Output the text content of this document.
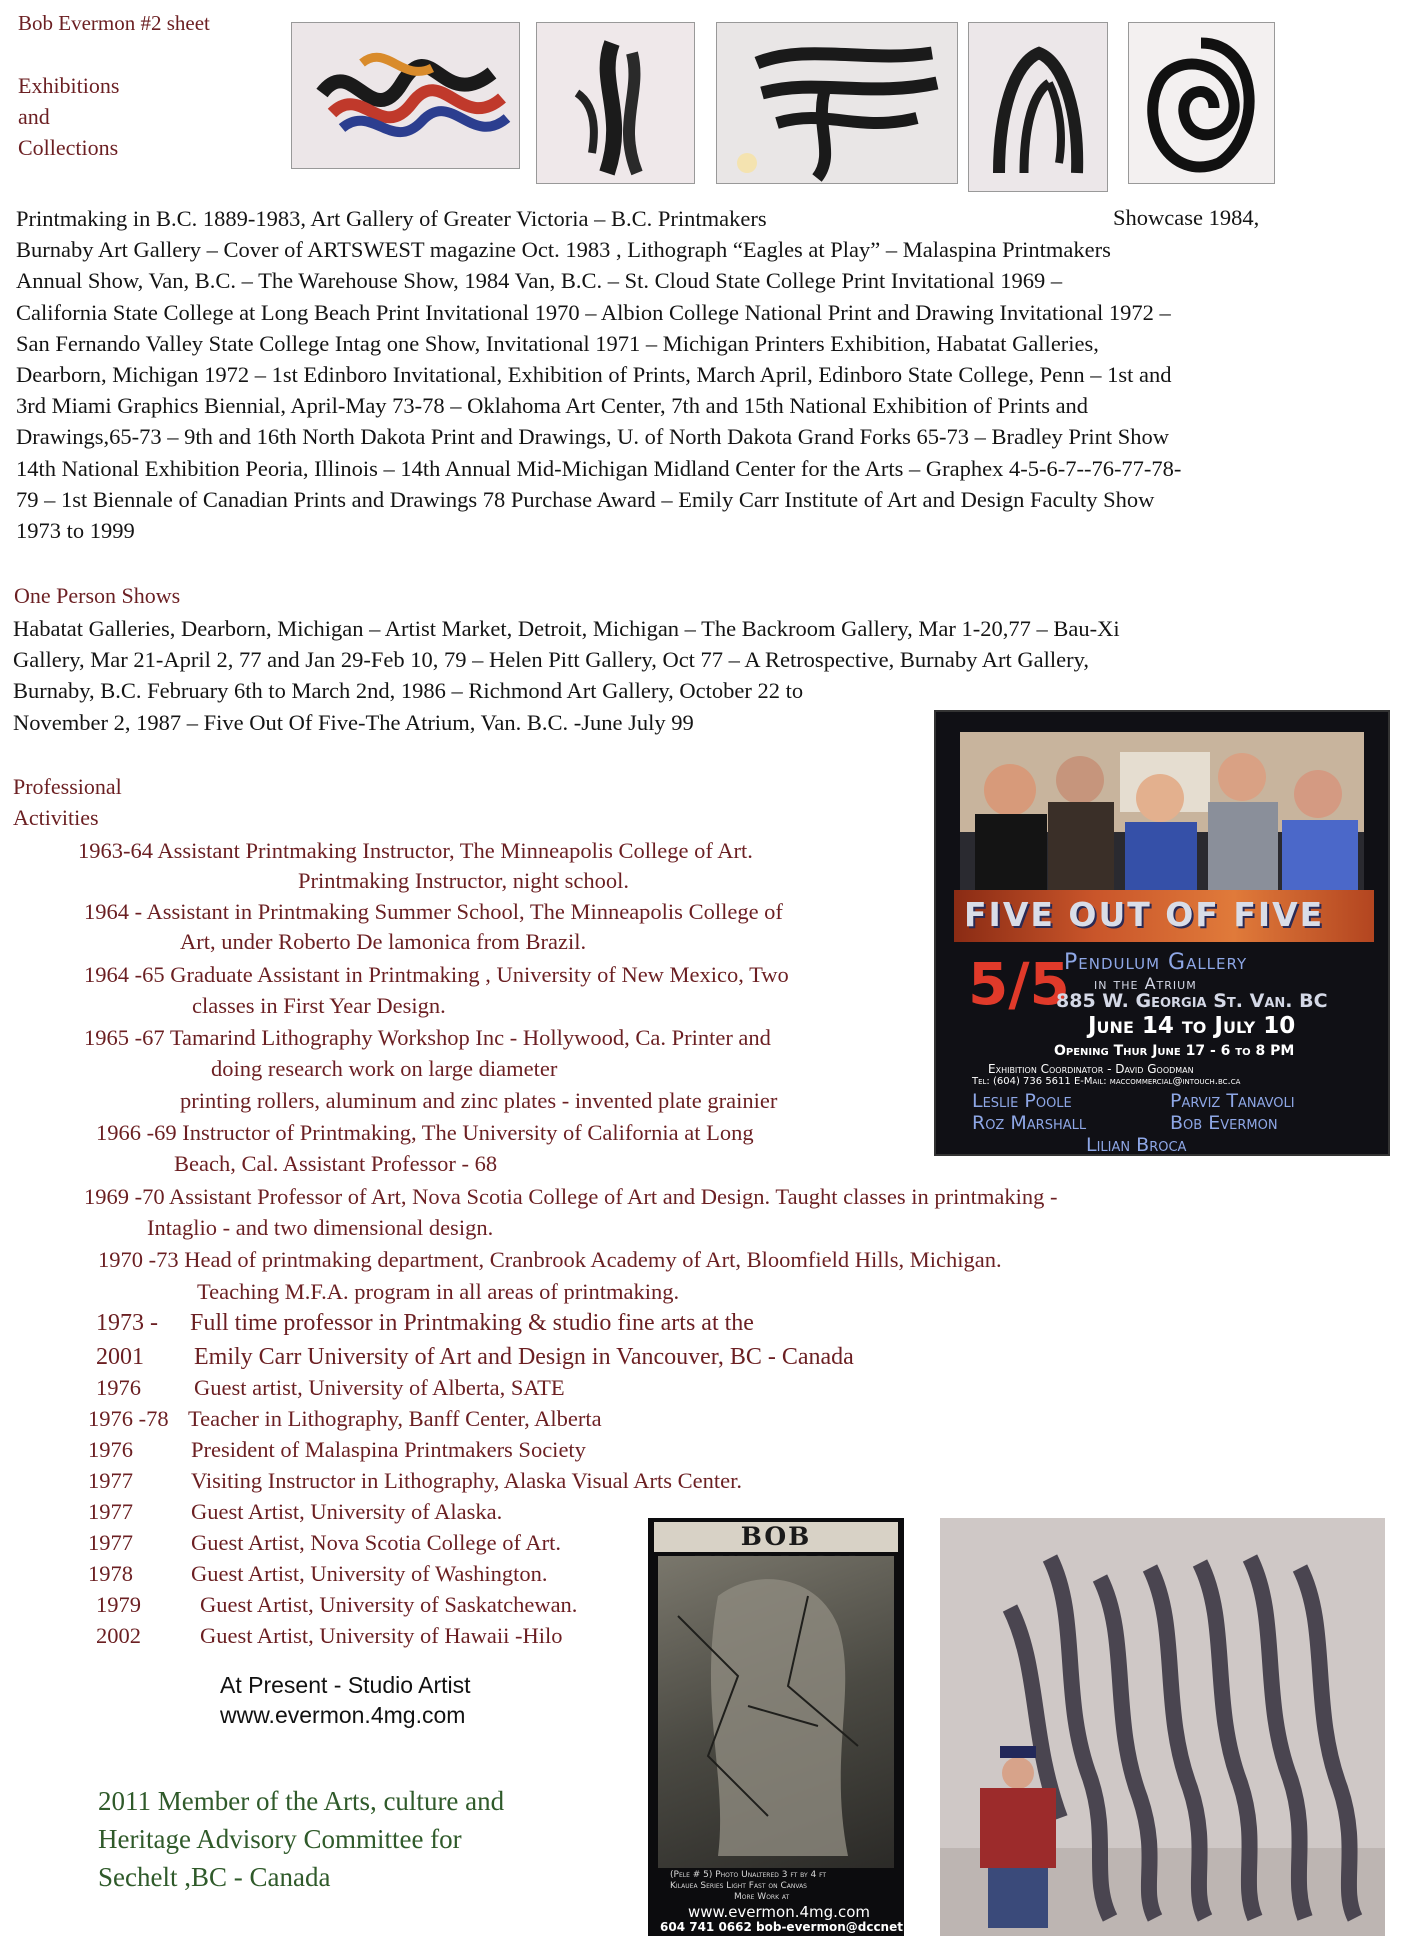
Bob Evermon #2 sheet
Exhibitions
and
Collections
Printmaking in B.C. 1889-1983, Art Gallery of Greater Victoria – B.C. Printmakers
Burnaby Art Gallery – Cover of ARTSWEST magazine Oct. 1983 , Lithograph “Eagles at Play” – Malaspina Printmakers
Annual Show, Van, B.C. – The Warehouse Show, 1984 Van, B.C. – St. Cloud State College Print Invitational 1969 –
California State College at Long Beach Print Invitational 1970 – Albion College National Print and Drawing Invitational 1972 –
San Fernando Valley State College Intag one Show, Invitational 1971 – Michigan Printers Exhibition, Habatat Galleries,
Dearborn, Michigan 1972 – 1st Edinboro Invitational, Exhibition of Prints, March April, Edinboro State College, Penn – 1st and
3rd Miami Graphics Biennial, April-May 73-78 – Oklahoma Art Center, 7th and 15th National Exhibition of Prints and
Drawings,65-73 – 9th and 16th North Dakota Print and Drawings, U. of North Dakota Grand Forks 65-73 – Bradley Print Show
14th National Exhibition Peoria, Illinois – 14th Annual Mid-Michigan Midland Center for the Arts – Graphex 4-5-6-7--76-77-78-
79 – 1st Biennale of Canadian Prints and Drawings 78 Purchase Award – Emily Carr Institute of Art and Design Faculty Show
1973 to 1999
Showcase 1984,
One Person Shows
Habatat Galleries, Dearborn, Michigan – Artist Market, Detroit, Michigan – The Backroom Gallery, Mar 1-20,77 – Bau-Xi
Gallery, Mar 21-April 2, 77 and Jan 29-Feb 10, 79 – Helen Pitt Gallery, Oct 77 – A Retrospective, Burnaby Art Gallery,
Burnaby, B.C. February 6th to March 2nd, 1986 – Richmond Art Gallery, October 22 to
November 2, 1987 – Five Out Of Five-The Atrium, Van. B.C. -June July 99
Professional
Activities
1963-64 Assistant Printmaking Instructor, The Minneapolis College of Art.
Printmaking Instructor, night school.
1964 - Assistant in Printmaking Summer School, The Minneapolis College of
Art, under Roberto De lamonica from Brazil.
1964 -65 Graduate Assistant in Printmaking , University of New Mexico, Two
classes in First Year Design.
1965 -67 Tamarind Lithography Workshop Inc - Hollywood, Ca. Printer and
doing research work on large diameter
printing rollers, aluminum and zinc plates - invented plate grainier
1966 -69 Instructor of Printmaking, The University of California at Long
Beach, Cal. Assistant Professor - 68
1969 -70 Assistant Professor of Art, Nova Scotia College of Art and Design. Taught classes in printmaking -
Intaglio - and two dimensional design.
1970 -73 Head of printmaking department, Cranbrook Academy of Art, Bloomfield Hills, Michigan.
Teaching M.F.A. program in all areas of printmaking.
1973 - Full time professor in Printmaking & studio fine arts at the
2001 Emily Carr University of Art and Design in Vancouver, BC - Canada
1976 Guest artist, University of Alberta, SATE
1976 -78 Teacher in Lithography, Banff Center, Alberta
1976	President of Malaspina Printmakers Society
1977	Visiting Instructor in Lithography, Alaska Visual Arts Center.
1977	Guest Artist, University of Alaska.
1977	Guest Artist, Nova Scotia College of Art.
1978	Guest Artist, University of Washington.
1979	Guest Artist, University of Saskatchewan.
2002	Guest Artist, University of Hawaii -Hilo
At Present - Studio Artist
www.evermon.4mg.com
2011 Member of the Arts, culture and
Heritage Advisory Committee for
Sechelt ,BC - Canada
FIVE OUT OF FIVE
5/5
Pendulum Gallery
in the Atrium
885 W. Georgia St. Van. BC
June 14 to July 10
Opening Thur June 17 - 6 to 8 PM
Exhibition Coordinator - David Goodman
Tel: (604) 736 5611 E-Mail: maccommercial@intouch.bc.ca
Leslie Poole	Parviz Tanavoli
Roz Marshall	Bob Evermon
Lilian Broca
BOB
(Pele # 5) Photo Unaltered 3 ft by 4 ft
Kilauea Series Light Fast on Canvas
More Work at
www.evermon.4mg.com
604 741 0662 bob-evermon@dccnet.com
